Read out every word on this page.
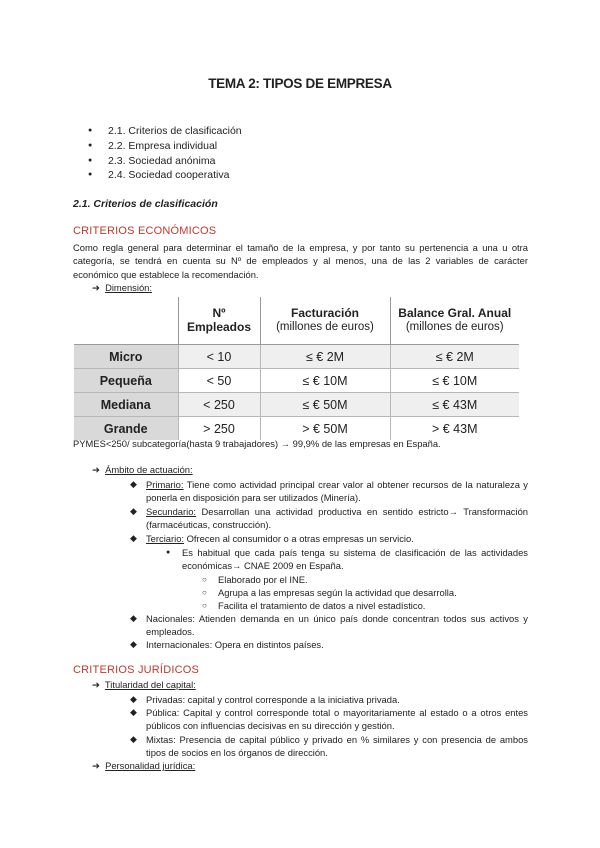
TEMA 2: TIPOS DE EMPRESA
● 2.1. Criterios de clasificación
● 2.2. Empresa individual
● 2.3. Sociedad anónima
● 2.4. Sociedad cooperativa
2.1. Criterios de clasificación
CRITERIOS ECONÓMICOS
Como regla general para determinar el tamaño de la empresa, y por tanto su pertenencia a una u otra categoría, se tendrá en cuenta su Nº de empleados y al menos, una de las 2 variables de carácter económico que establece la recomendación.
➔ Dimensión:
	Nº Empleados	Facturación
(millones de euros)	Balance Gral. Anual
(millones de euros)
Micro	< 10	≤ € 2M	≤ € 2M
Pequeña	< 50	≤ € 10M	≤ € 10M
Mediana	< 250	≤ € 50M	≤ € 43M
Grande	> 250	> € 50M	> € 43M
PYMES<250/ subcategoría(hasta 9 trabajadores) → 99,9% de las empresas en España.
➔ Ámbito de actuación:
◆ Primario: Tiene como actividad principal crear valor al obtener recursos de la naturaleza y ponerla en disposición para ser utilizados (Minería).
◆ Secundario: Desarrollan una actividad productiva en sentido estricto→ Transformación (farmacéuticas, construcción).
◆ Terciario: Ofrecen al consumidor o a otras empresas un servicio.
● Es habitual que cada país tenga su sistema de clasificación de las actividades económicas→ CNAE 2009 en España.
○ Elaborado por el INE.
○ Agrupa a las empresas según la actividad que desarrolla.
○ Facilita el tratamiento de datos a nivel estadístico.
◆ Nacionales: Atienden demanda en un único país donde concentran todos sus activos y empleados.
◆ Internacionales: Opera en distintos países.
CRITERIOS JURÍDICOS
➔ Titularidad del capital:
◆ Privadas: capital y control corresponde a la iniciativa privada.
◆ Pública: Capital y control corresponde total o mayoritariamente al estado o a otros entes públicos con influencias decisivas en su dirección y gestión.
◆ Mixtas: Presencia de capital público y privado en % similares y con presencia de ambos tipos de socios en los órganos de dirección.
➔ Personalidad jurídica:
